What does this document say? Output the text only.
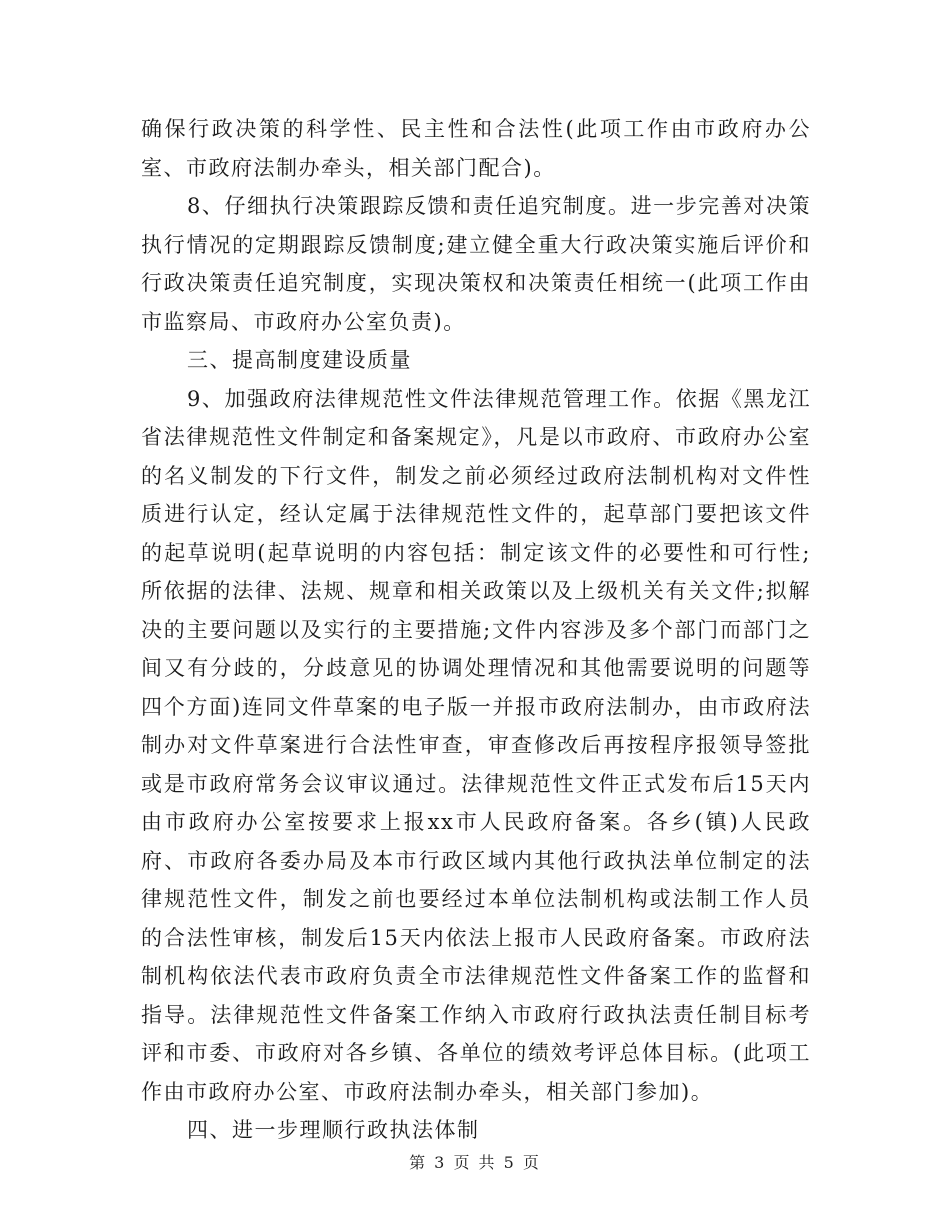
确保行政决策的科学性、民主性和合法性(此项工作由市政府办公室、市政府法制办牵头，相关部门配合)。

8、仔细执行决策跟踪反馈和责任追究制度。进一步完善对决策执行情况的定期跟踪反馈制度;建立健全重大行政决策实施后评价和行政决策责任追究制度，实现决策权和决策责任相统一(此项工作由市监察局、市政府办公室负责)。

三、提高制度建设质量

9、加强政府法律规范性文件法律规范管理工作。依据《黑龙江省法律规范性文件制定和备案规定》，凡是以市政府、市政府办公室的名义制发的下行文件，制发之前必须经过政府法制机构对文件性质进行认定，经认定属于法律规范性文件的，起草部门要把该文件的起草说明(起草说明的内容包括：制定该文件的必要性和可行性;所依据的法律、法规、规章和相关政策以及上级机关有关文件;拟解决的主要问题以及实行的主要措施;文件内容涉及多个部门而部门之间又有分歧的，分歧意见的协调处理情况和其他需要说明的问题等四个方面)连同文件草案的电子版一并报市政府法制办，由市政府法制办对文件草案进行合法性审查，审查修改后再按程序报领导签批或是市政府常务会议审议通过。法律规范性文件正式发布后15天内由市政府办公室按要求上报xx市人民政府备案。各乡(镇)人民政府、市政府各委办局及本市行政区域内其他行政执法单位制定的法律规范性文件，制发之前也要经过本单位法制机构或法制工作人员的合法性审核，制发后15天内依法上报市人民政府备案。市政府法制机构依法代表市政府负责全市法律规范性文件备案工作的监督和指导。法律规范性文件备案工作纳入市政府行政执法责任制目标考评和市委、市政府对各乡镇、各单位的绩效考评总体目标。(此项工作由市政府办公室、市政府法制办牵头，相关部门参加)。

四、进一步理顺行政执法体制

第 3 页 共 5 页
